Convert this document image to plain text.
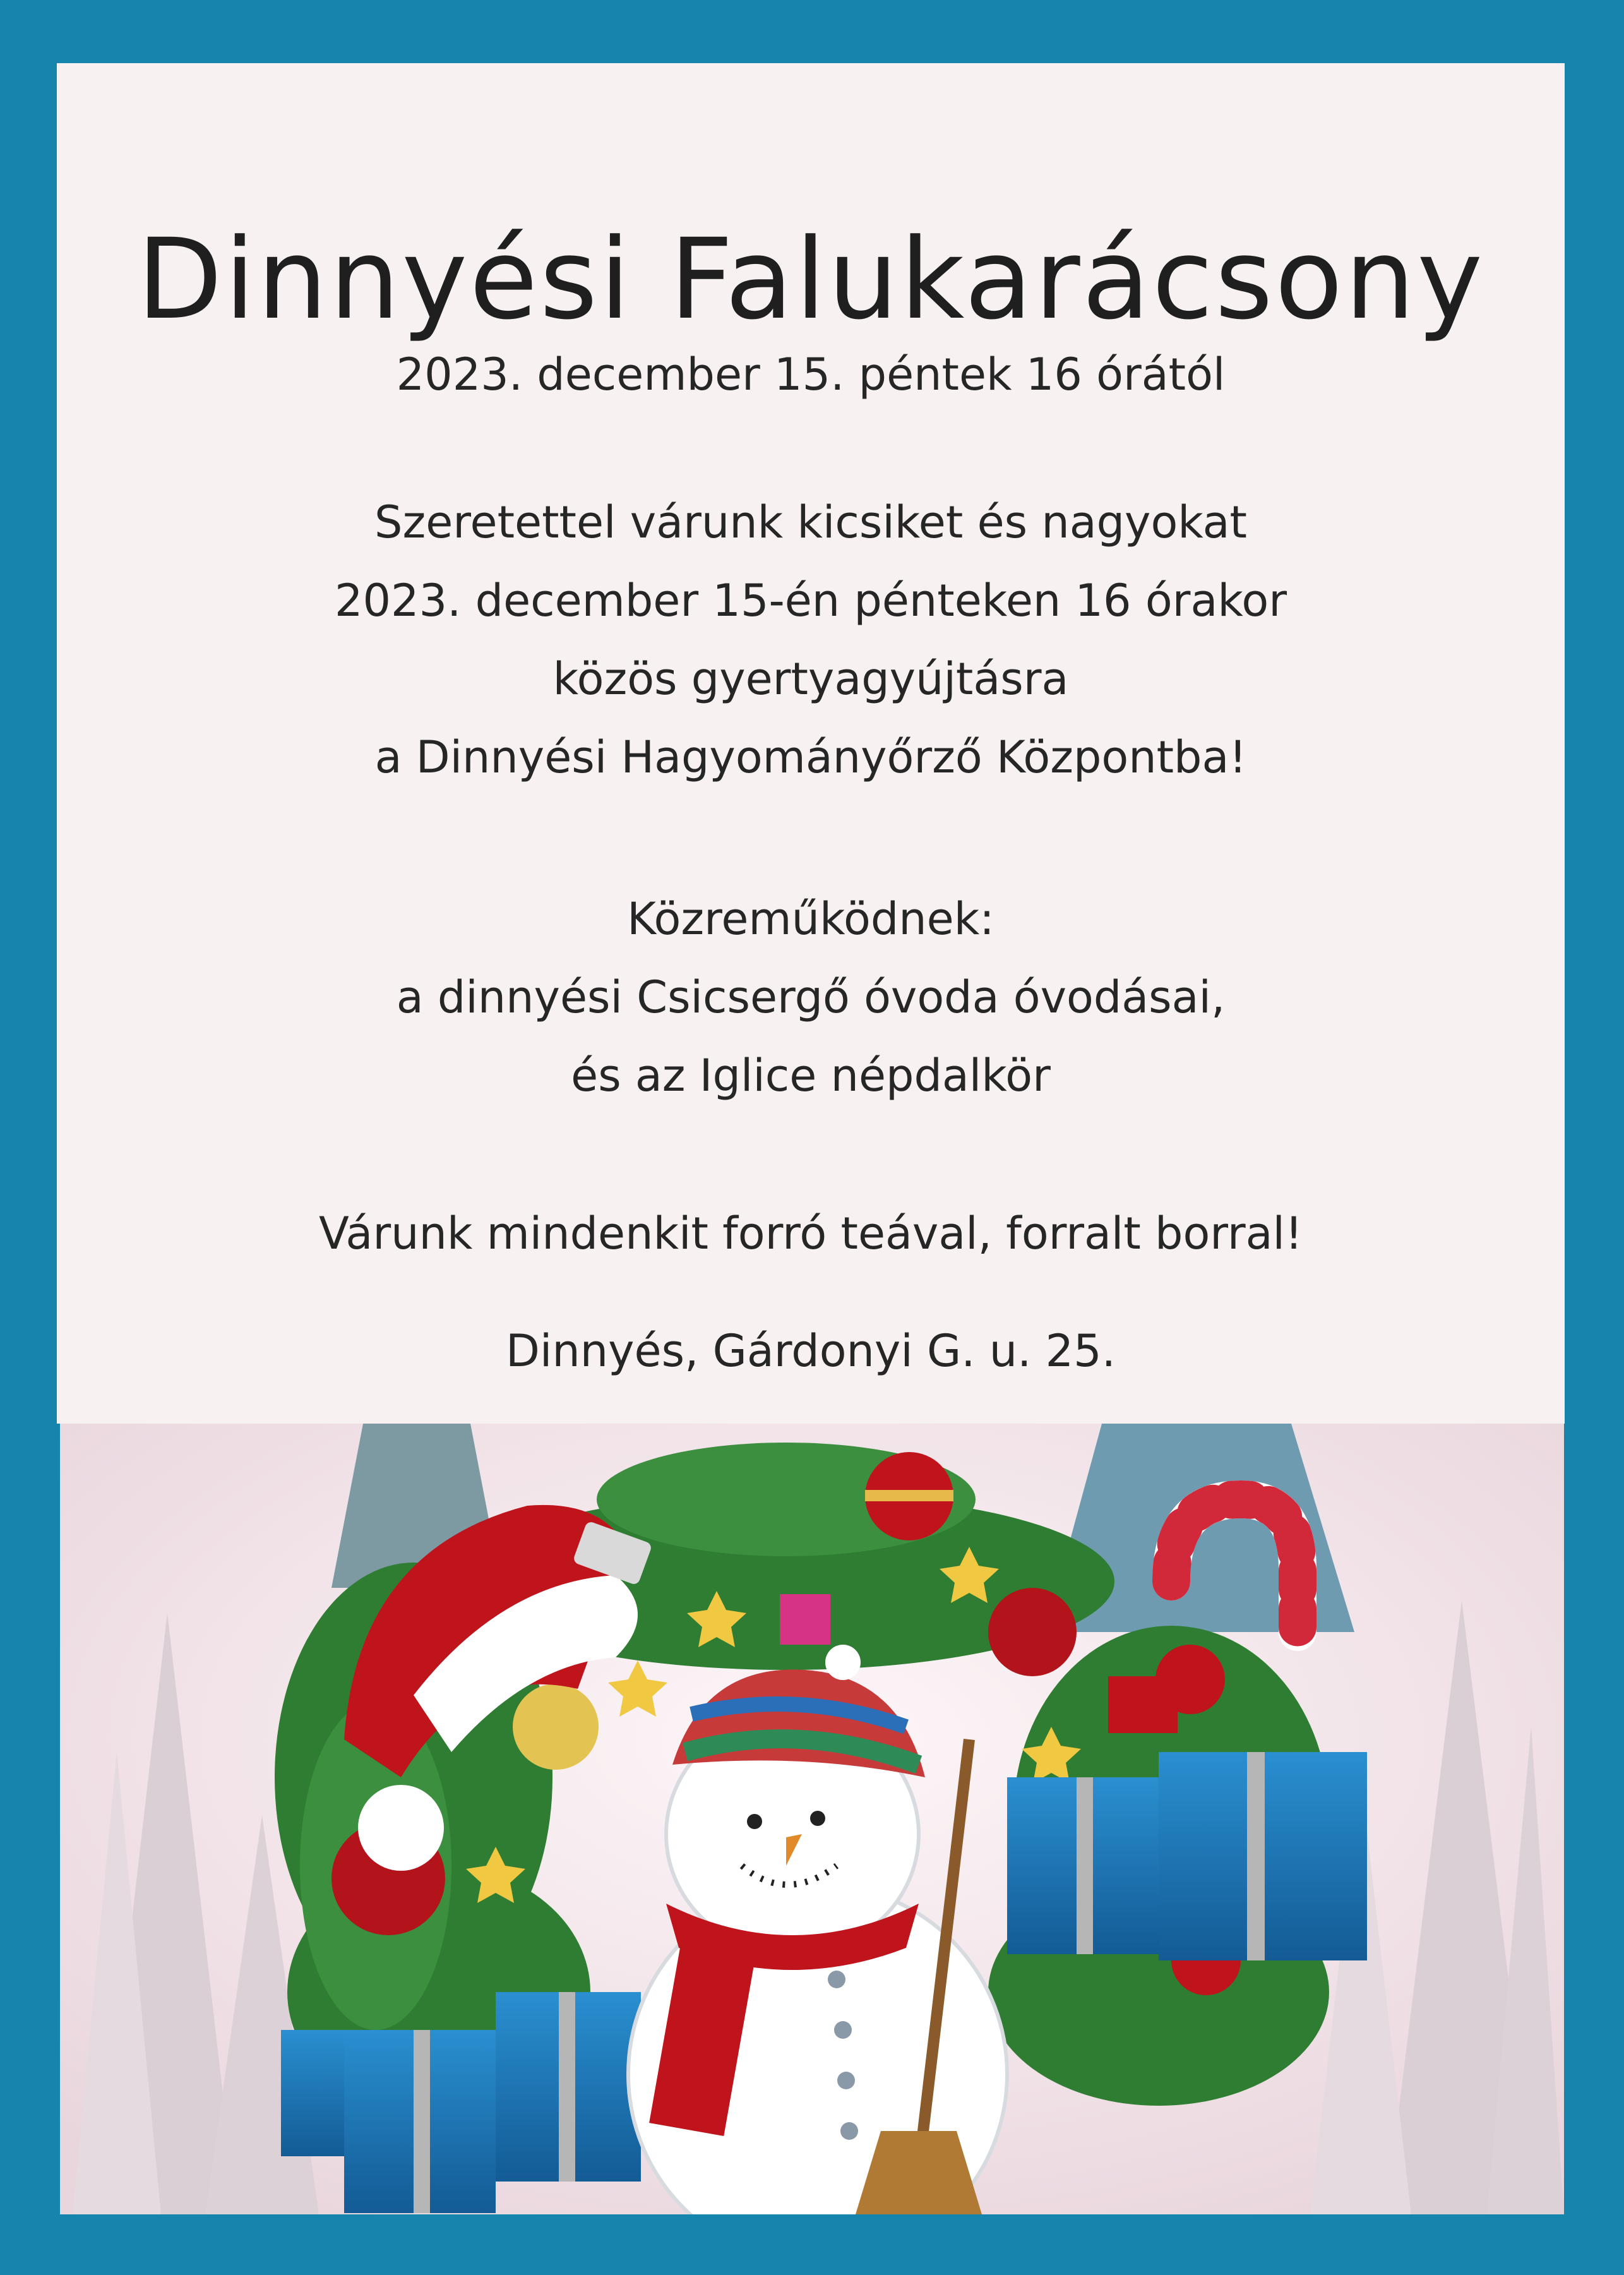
Dinnyési Falukarácsony
2023. december 15. péntek 16 órától
Szeretettel várunk kicsiket és nagyokat
2023. december 15-én pénteken 16 órakor
közös gyertyagyújtásra
a Dinnyési Hagyományőrző Központba!
Közreműködnek:
a dinnyési Csicsergő óvoda óvodásai,
és az Iglice népdalkör
Várunk mindenkit forró teával, forralt borral!
Dinnyés, Gárdonyi G. u. 25.
